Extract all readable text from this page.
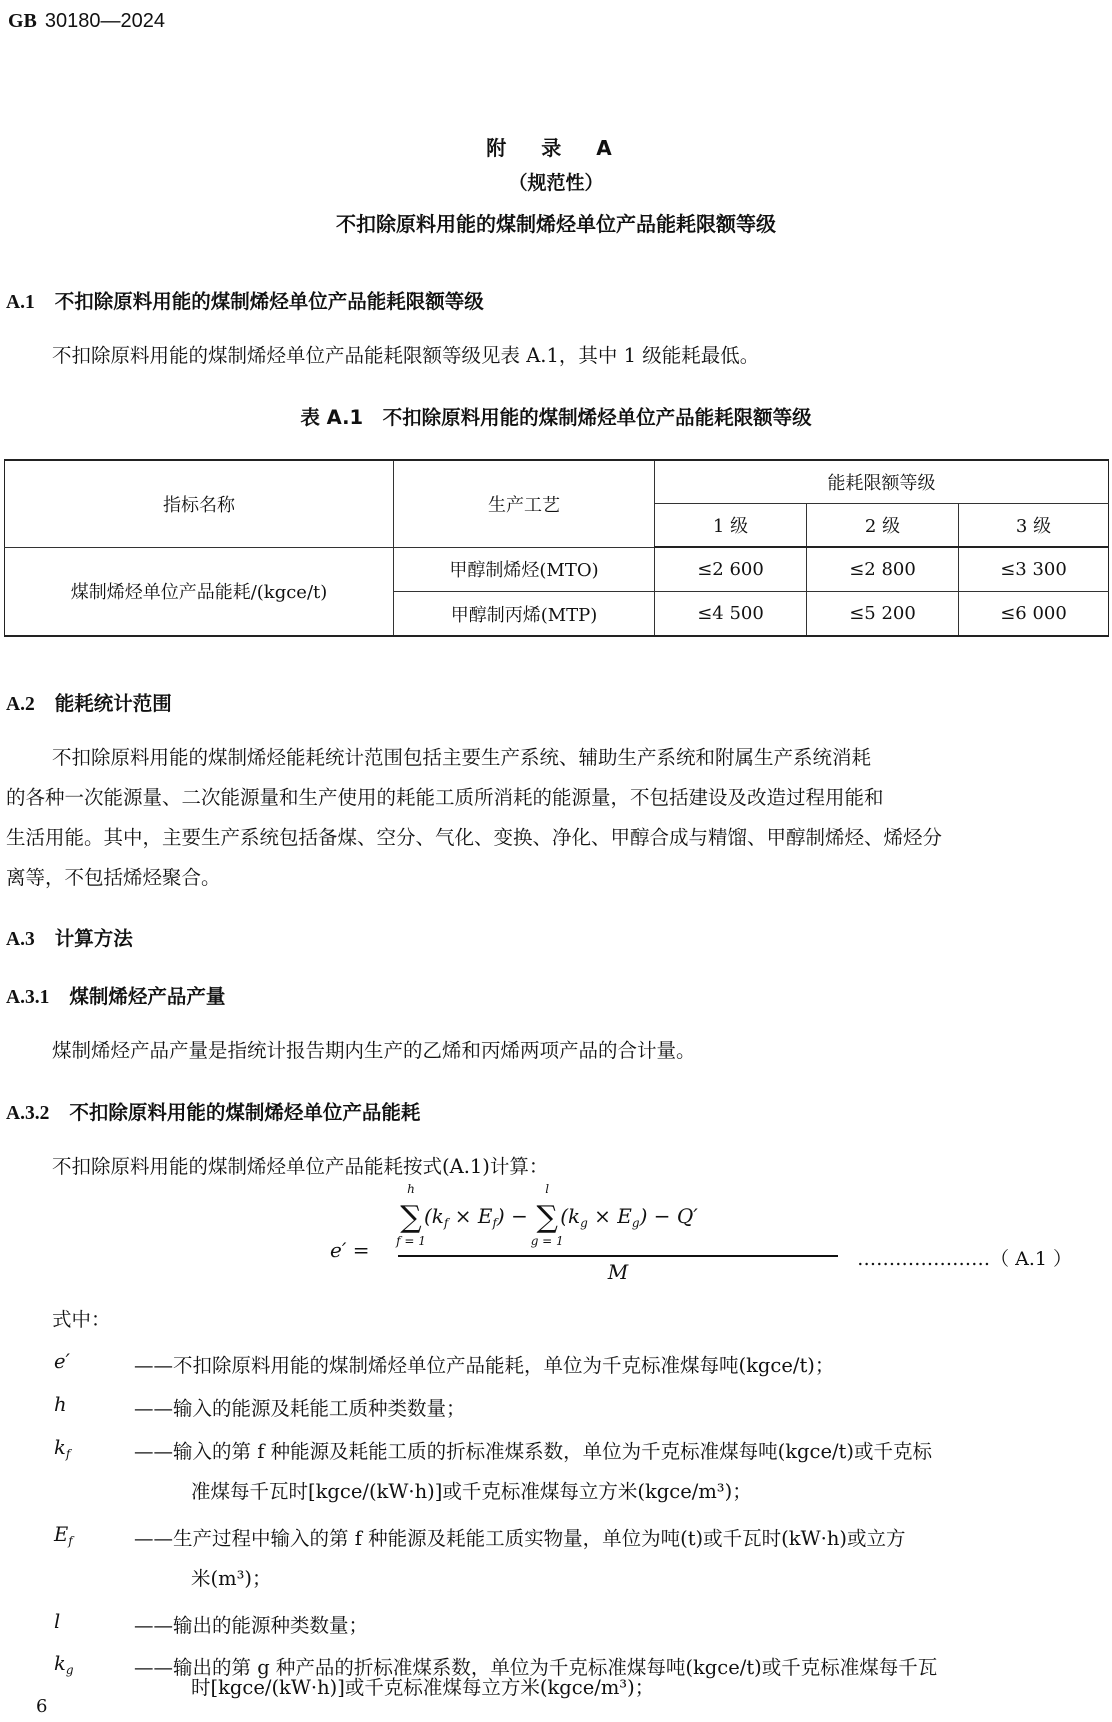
GB 30180—2024
附 录 A
（规范性）
不扣除原料用能的煤制烯烃单位产品能耗限额等级
A.1 不扣除原料用能的煤制烯烃单位产品能耗限额等级
不扣除原料用能的煤制烯烃单位产品能耗限额等级见表 A.1，其中 1 级能耗最低。
表 A.1　不扣除原料用能的煤制烯烃单位产品能耗限额等级
指标名称	生产工艺	能耗限额等级		
		1 级	2 级	3 级
煤制烯烃单位产品能耗/(kgce/t)	甲醇制烯烃(MTO)	≤2 600	≤2 800	≤3 300
	甲醇制丙烯(MTP)	≤4 500	≤5 200	≤6 000
A.2 能耗统计范围
不扣除原料用能的煤制烯烃能耗统计范围包括主要生产系统、辅助生产系统和附属生产系统消耗
的各种一次能源量、二次能源量和生产使用的耗能工质所消耗的能源量，不包括建设及改造过程用能和
生活用能。其中，主要生产系统包括备煤、空分、气化、变换、净化、甲醇合成与精馏、甲醇制烯烃、烯烃分
离等，不包括烯烃聚合。
A.3 计算方法
A.3.1 煤制烯烃产品产量
煤制烯烃产品产量是指统计报告期内生产的乙烯和丙烯两项产品的合计量。
A.3.2 不扣除原料用能的煤制烯烃单位产品能耗
不扣除原料用能的煤制烯烃单位产品能耗按式(A.1)计算：
e′ =
h
∑
f = 1
$(k_f \times E_f)$ −
l
∑
g = 1
$(k_g \times E_g) - Q'$
M
…………………（ A.1 ）
式中：
e′	——不扣除原料用能的煤制烯烃单位产品能耗，单位为千克标准煤每吨(kgce/t)；
h	——输入的能源及耗能工质种类数量；
$k_f$	——输入的第 f 种能源及耗能工质的折标准煤系数，单位为千克标准煤每吨(kgce/t)或千克标
准煤每千瓦时[kgce/(kW·h)]或千克标准煤每立方米(kgce/m³)；
$E_f$	——生产过程中输入的第 f 种能源及耗能工质实物量，单位为吨(t)或千瓦时(kW·h)或立方
米(m³)；
l	——输出的能源种类数量；
$k_g$	——输出的第 g 种产品的折标准煤系数，单位为千克标准煤每吨(kgce/t)或千克标准煤每千瓦
时[kgce/(kW·h)]或千克标准煤每立方米(kgce/m³)；
6
